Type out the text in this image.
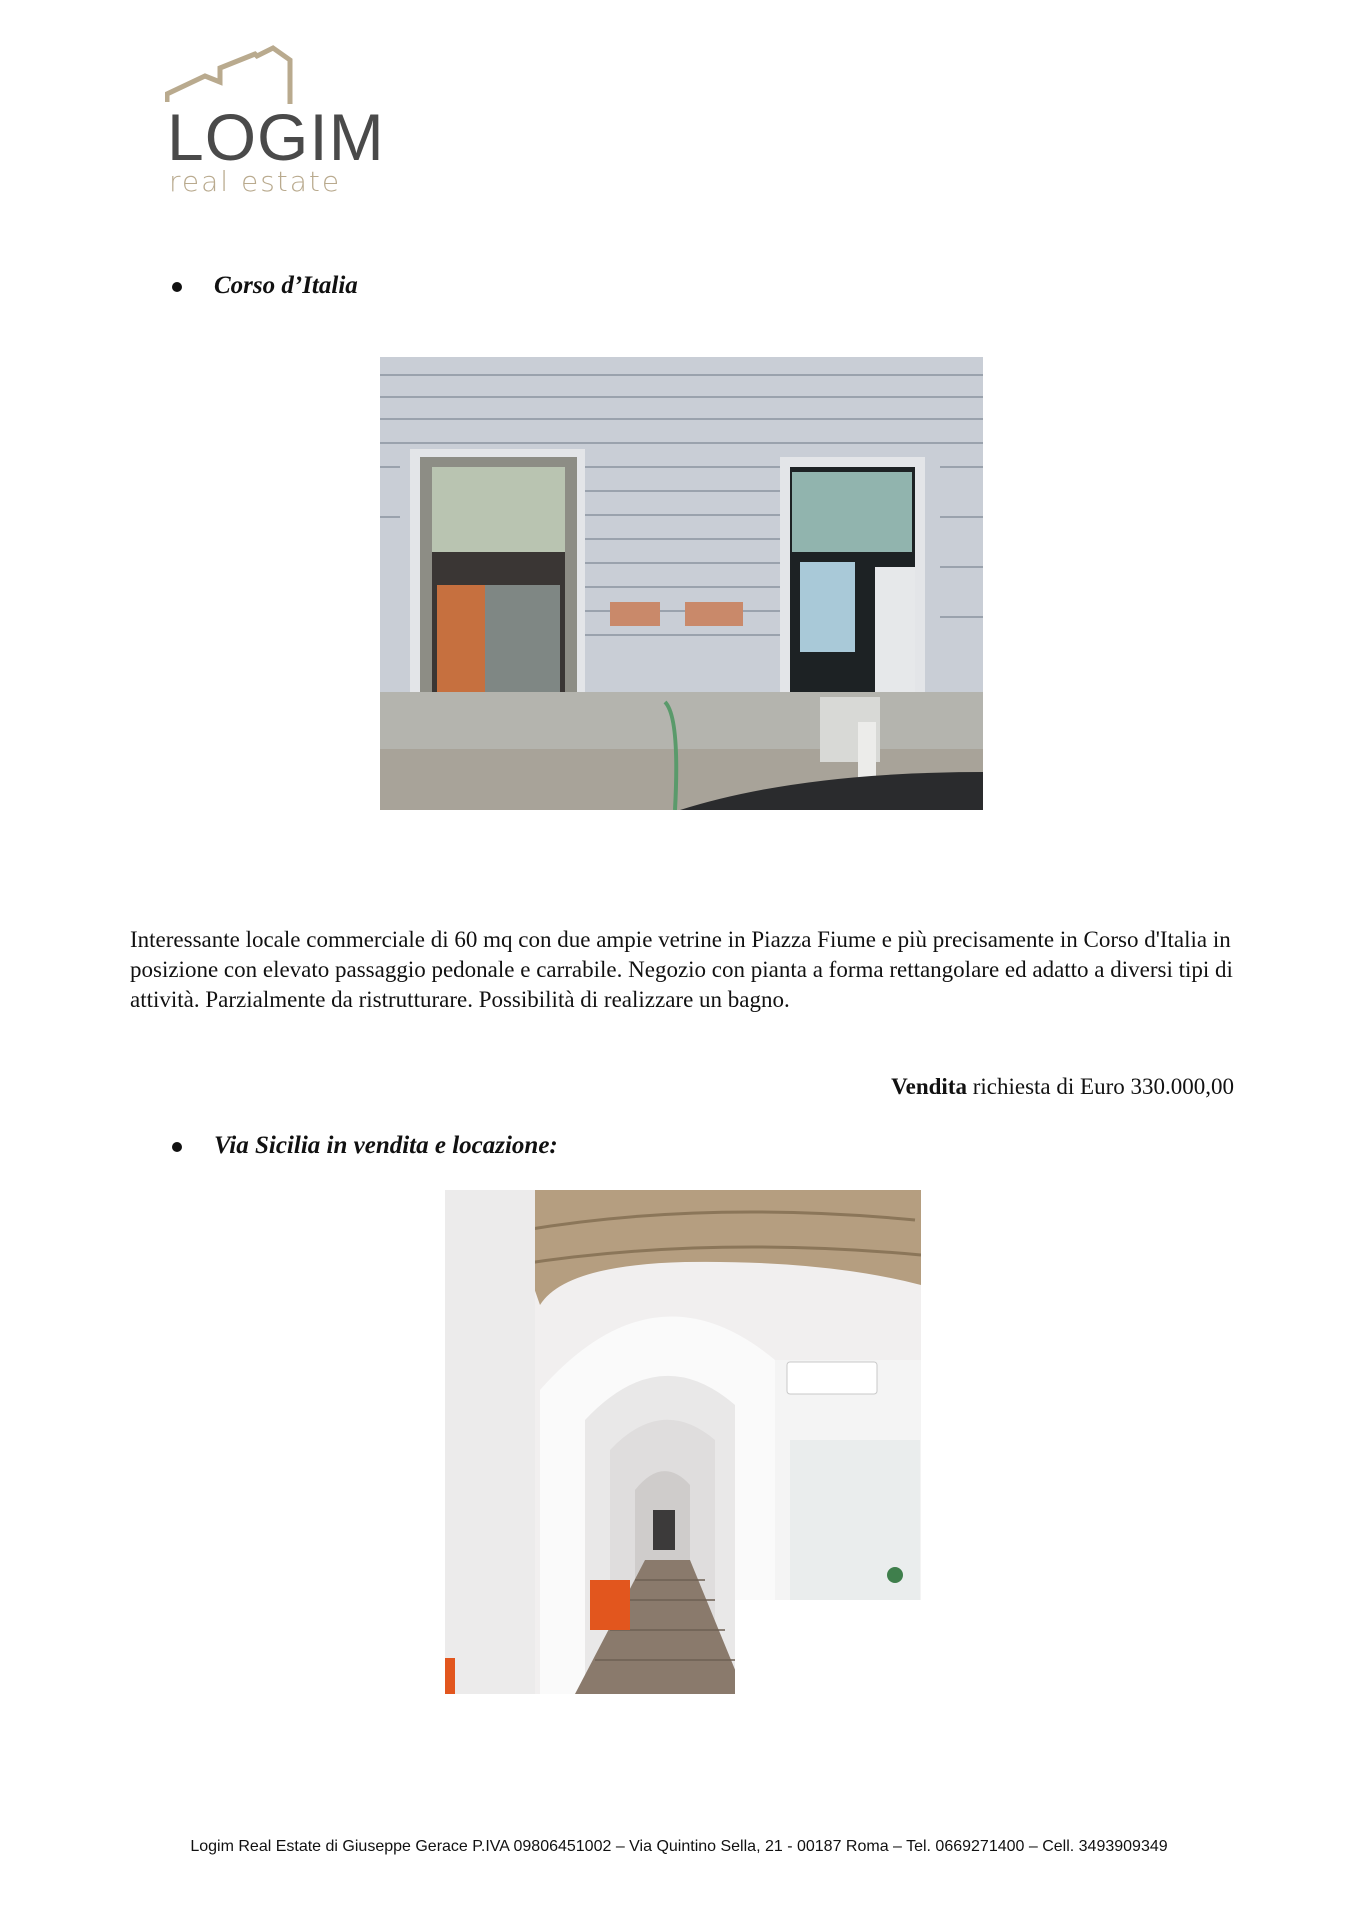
LOGIM
real estate
Corso d’Italia

Interessante locale commerciale di 60 mq con due ampie vetrine in Piazza Fiume e più precisamente in Corso d'Italia in posizione con elevato passaggio pedonale e carrabile. Negozio con pianta a forma rettangolare ed adatto a diversi tipi di attività. Parzialmente da ristrutturare. Possibilità di realizzare un bagno.

Vendita richiesta di Euro 330.000,00
Via Sicilia in vendita e locazione:
Logim Real Estate di Giuseppe Gerace P.IVA 09806451002 – Via Quintino Sella, 21 - 00187 Roma – Tel. 0669271400 – Cell. 3493909349
